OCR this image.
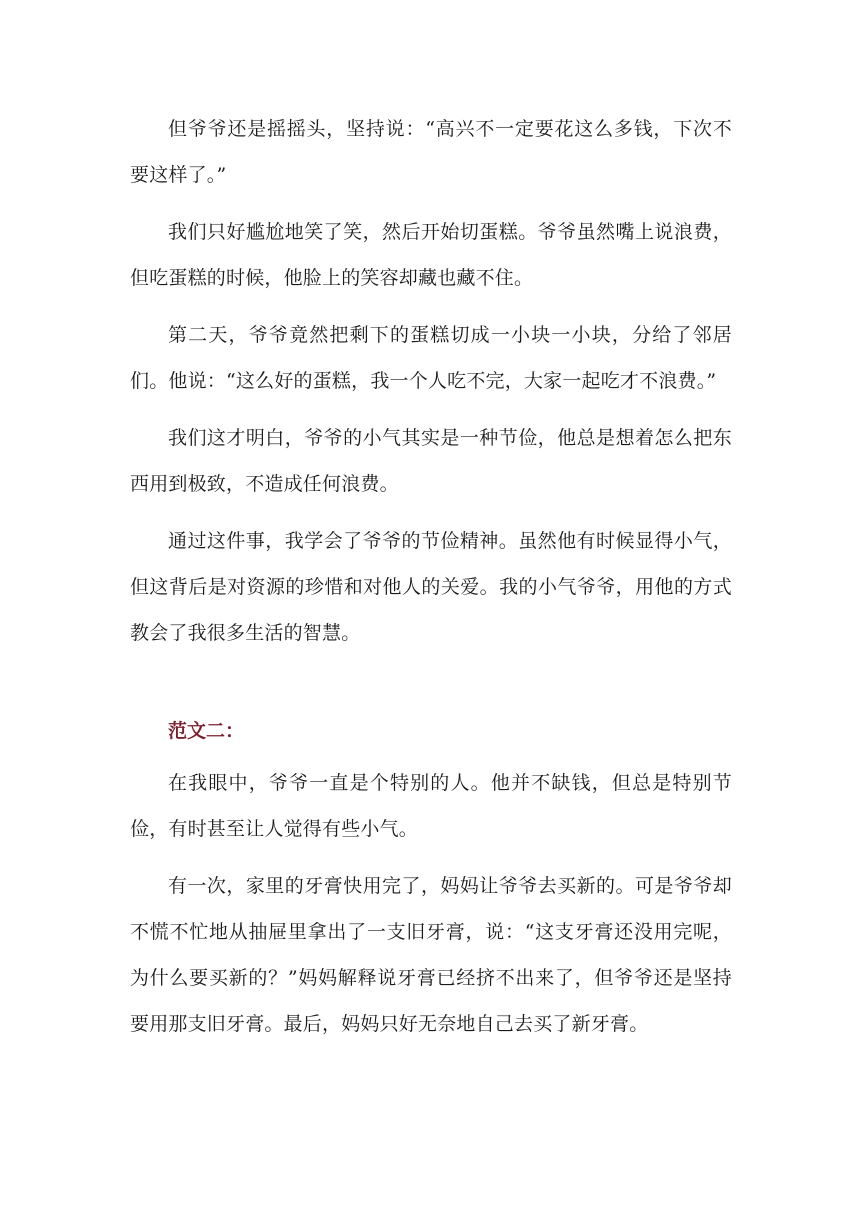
但爷爷还是摇摇头，坚持说：“高兴不一定要花这么多钱，下次不要这样了。”

我们只好尴尬地笑了笑，然后开始切蛋糕。爷爷虽然嘴上说浪费，但吃蛋糕的时候，他脸上的笑容却藏也藏不住。

第二天，爷爷竟然把剩下的蛋糕切成一小块一小块，分给了邻居们。他说：“这么好的蛋糕，我一个人吃不完，大家一起吃才不浪费。”

我们这才明白，爷爷的小气其实是一种节俭，他总是想着怎么把东西用到极致，不造成任何浪费。

通过这件事，我学会了爷爷的节俭精神。虽然他有时候显得小气，但这背后是对资源的珍惜和对他人的关爱。我的小气爷爷，用他的方式教会了我很多生活的智慧。

范文二：

在我眼中，爷爷一直是个特别的人。他并不缺钱，但总是特别节俭，有时甚至让人觉得有些小气。

有一次，家里的牙膏快用完了，妈妈让爷爷去买新的。可是爷爷却不慌不忙地从抽屉里拿出了一支旧牙膏，说：“这支牙膏还没用完呢，为什么要买新的？”妈妈解释说牙膏已经挤不出来了，但爷爷还是坚持要用那支旧牙膏。最后，妈妈只好无奈地自己去买了新牙膏。
